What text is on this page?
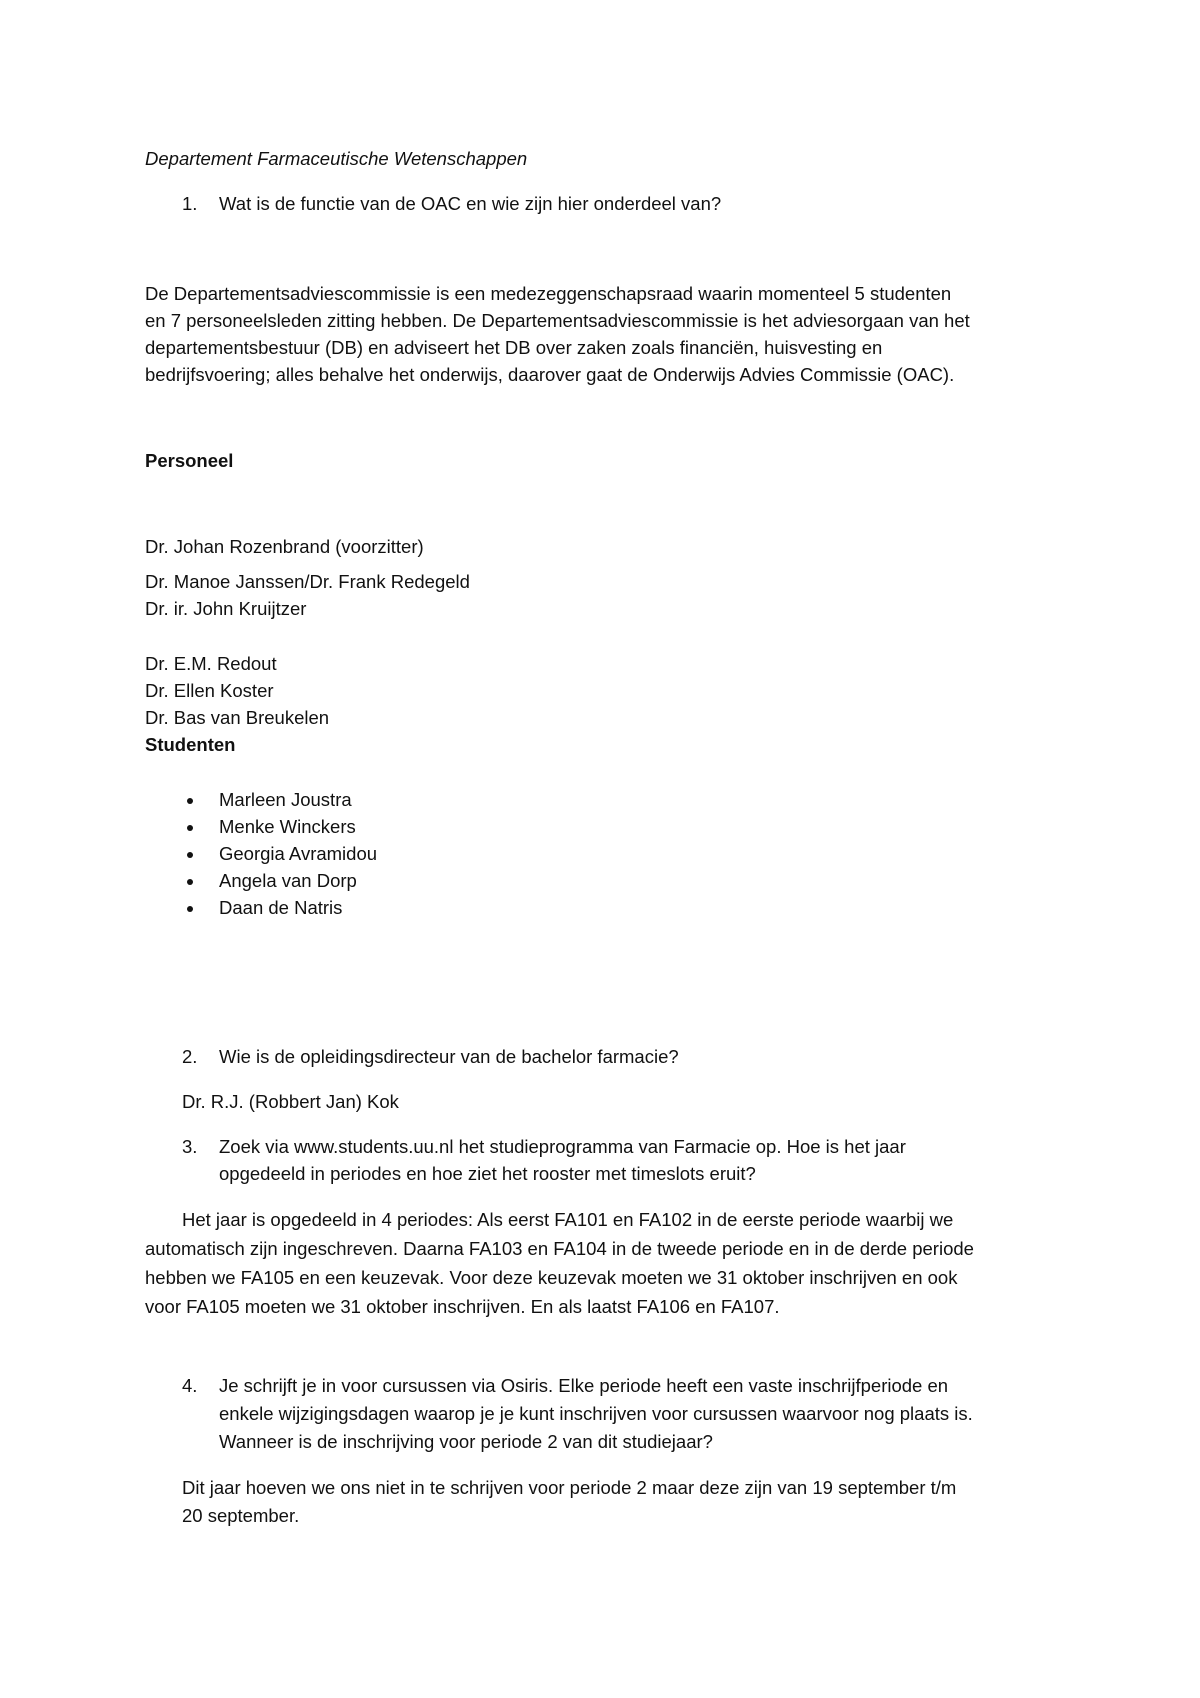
Departement Farmaceutische Wetenschappen
1. Wat is de functie van de OAC en wie zijn hier onderdeel van?
De Departementsadviescommissie is een medezeggenschapsraad waarin momenteel 5 studenten
en 7 personeelsleden zitting hebben. De Departementsadviescommissie is het adviesorgaan van het
departementsbestuur (DB) en adviseert het DB over zaken zoals financiën, huisvesting en
bedrijfsvoering; alles behalve het onderwijs, daarover gaat de Onderwijs Advies Commissie (OAC).
Personeel
Dr. Johan Rozenbrand (voorzitter)
Dr. Manoe Janssen/Dr. Frank Redegeld
Dr. ir. John Kruijtzer
Dr. E.M. Redout
Dr. Ellen Koster
Dr. Bas van Breukelen
Studenten
Marleen Joustra
Menke Winckers
Georgia Avramidou
Angela van Dorp
Daan de Natris
2. Wie is de opleidingsdirecteur van de bachelor farmacie?
Dr. R.J. (Robbert Jan) Kok
3. Zoek via www.students.uu.nl het studieprogramma van Farmacie op. Hoe is het jaar
opgedeeld in periodes en hoe ziet het rooster met timeslots eruit?
Het jaar is opgedeeld in 4 periodes: Als eerst FA101 en FA102 in de eerste periode waarbij we
automatisch zijn ingeschreven. Daarna FA103 en FA104 in de tweede periode en in de derde periode
hebben we FA105 en een keuzevak. Voor deze keuzevak moeten we 31 oktober inschrijven en ook
voor FA105 moeten we 31 oktober inschrijven. En als laatst FA106 en FA107.
4. Je schrijft je in voor cursussen via Osiris. Elke periode heeft een vaste inschrijfperiode en
enkele wijzigingsdagen waarop je je kunt inschrijven voor cursussen waarvoor nog plaats is.
Wanneer is de inschrijving voor periode 2 van dit studiejaar?
Dit jaar hoeven we ons niet in te schrijven voor periode 2 maar deze zijn van 19 september t/m
20 september.
